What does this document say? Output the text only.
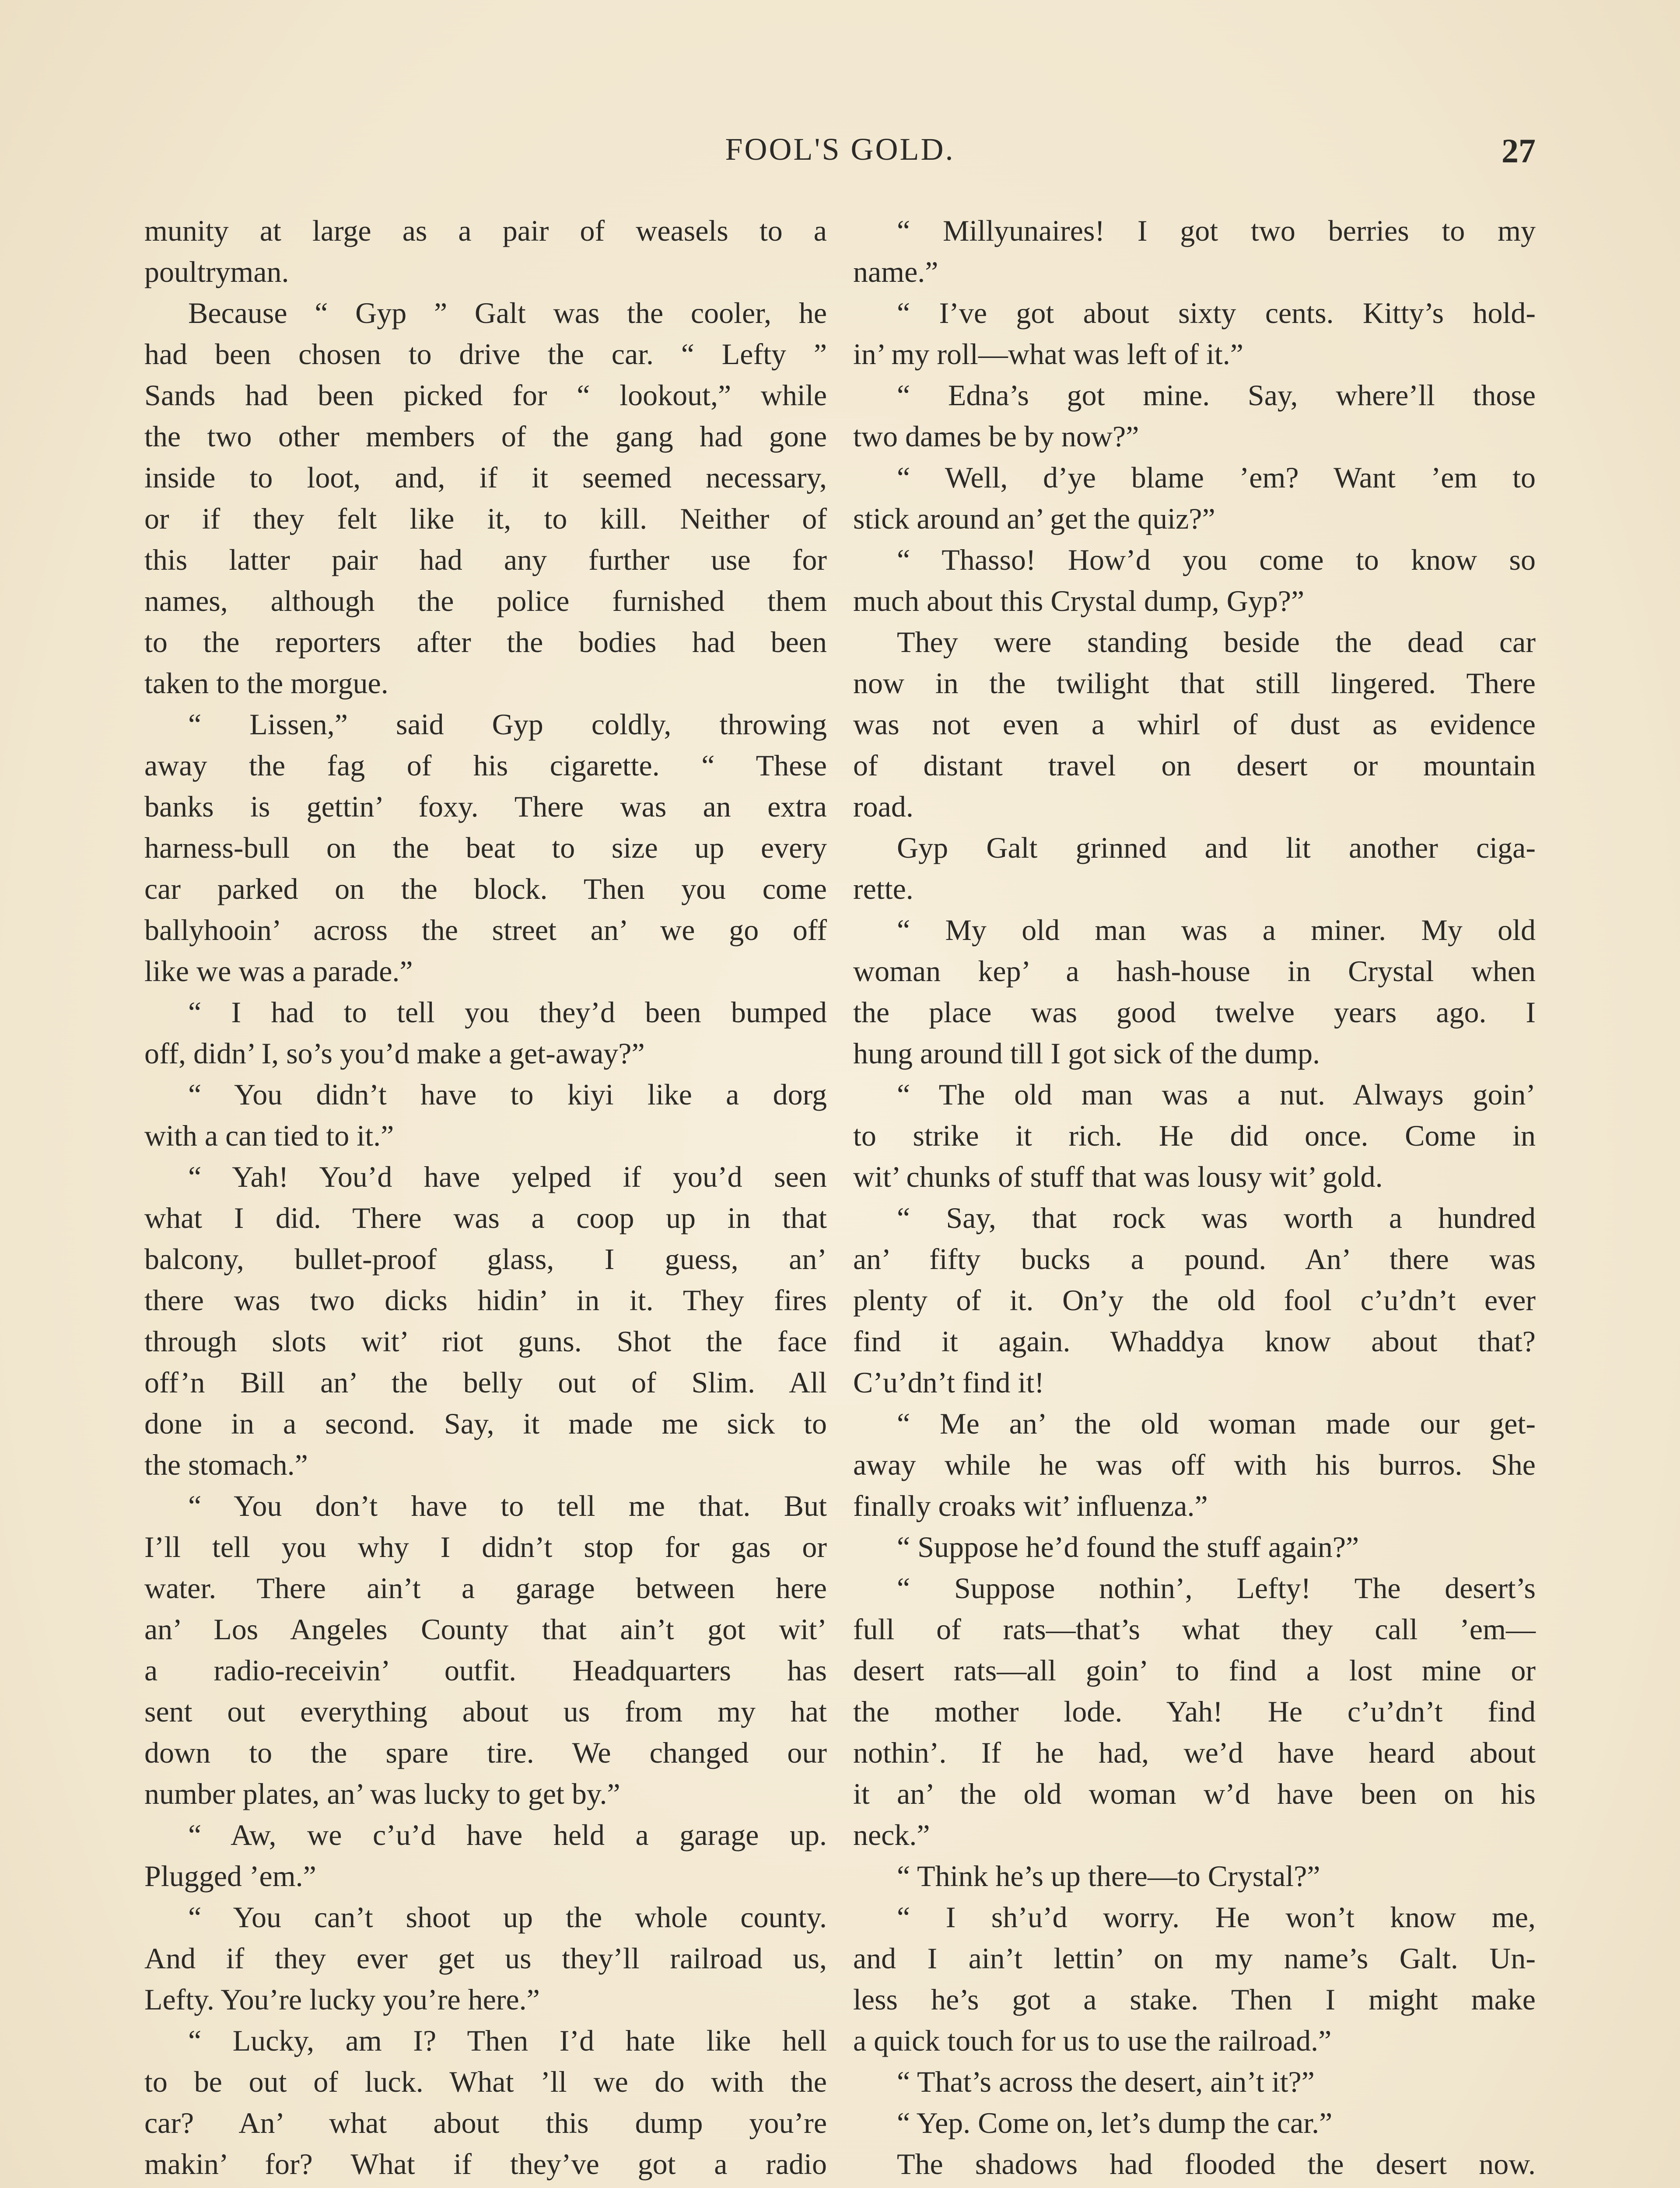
FOOL'S GOLD.	27
munity at large as a pair of weasels to a
poultryman.
Because “ Gyp ” Galt was the cooler, he
had been chosen to drive the car. “ Lefty ”
Sands had been picked for “ lookout,” while
the two other members of the gang had gone
inside to loot, and, if it seemed necessary,
or if they felt like it, to kill. Neither of
this latter pair had any further use for
names, although the police furnished them
to the reporters after the bodies had been
taken to the morgue.
“ Lissen,” said Gyp coldly, throwing
away the fag of his cigarette. “ These
banks is gettin’ foxy. There was an extra
harness-bull on the beat to size up every
car parked on the block. Then you come
ballyhooin’ across the street an’ we go off
like we was a parade.”
“ I had to tell you they’d been bumped
off, didn’ I, so’s you’d make a get-away?”
“ You didn’t have to kiyi like a dorg
with a can tied to it.”
“ Yah! You’d have yelped if you’d seen
what I did. There was a coop up in that
balcony, bullet-proof glass, I guess, an’
there was two dicks hidin’ in it. They fires
through slots wit’ riot guns. Shot the face
off’n Bill an’ the belly out of Slim. All
done in a second. Say, it made me sick to
the stomach.”
“ You don’t have to tell me that. But
I’ll tell you why I didn’t stop for gas or
water. There ain’t a garage between here
an’ Los Angeles County that ain’t got wit’
a radio-receivin’ outfit. Headquarters has
sent out everything about us from my hat
down to the spare tire. We changed our
number plates, an’ was lucky to get by.”
“ Aw, we c’u’d have held a garage up.
Plugged ’em.”
“ You can’t shoot up the whole county.
And if they ever get us they’ll railroad us,
Lefty. You’re lucky you’re here.”
“ Lucky, am I? Then I’d hate like hell
to be out of luck. What ’ll we do with the
car? An’ what about this dump you’re
makin’ for? What if they’ve got a radio
“ Millyunaires! I got two berries to my
name.”
“ I’ve got about sixty cents. Kitty’s hold-
in’ my roll—what was left of it.”
“ Edna’s got mine. Say, where’ll those
two dames be by now?”
“ Well, d’ye blame ’em? Want ’em to
stick around an’ get the quiz?”
“ Thasso! How’d you come to know so
much about this Crystal dump, Gyp?”
They were standing beside the dead car
now in the twilight that still lingered. There
was not even a whirl of dust as evidence
of distant travel on desert or mountain
road.
Gyp Galt grinned and lit another ciga-
rette.
“ My old man was a miner. My old
woman kep’ a hash-house in Crystal when
the place was good twelve years ago. I
hung around till I got sick of the dump.
“ The old man was a nut. Always goin’
to strike it rich. He did once. Come in
wit’ chunks of stuff that was lousy wit’ gold.
“ Say, that rock was worth a hundred
an’ fifty bucks a pound. An’ there was
plenty of it. On’y the old fool c’u’dn’t ever
find it again. Whaddya know about that?
C’u’dn’t find it!
“ Me an’ the old woman made our get-
away while he was off with his burros. She
finally croaks wit’ influenza.”
“ Suppose he’d found the stuff again?”
“ Suppose nothin’, Lefty! The desert’s
full of rats—that’s what they call ’em—
desert rats—all goin’ to find a lost mine or
the mother lode. Yah! He c’u’dn’t find
nothin’. If he had, we’d have heard about
it an’ the old woman w’d have been on his
neck.”
“ Think he’s up there—to Crystal?”
“ I sh’u’d worry. He won’t know me,
and I ain’t lettin’ on my name’s Galt. Un-
less he’s got a stake. Then I might make
a quick touch for us to use the railroad.”
“ That’s across the desert, ain’t it?”
“ Yep. Come on, let’s dump the car.”
The shadows had flooded the desert now.
